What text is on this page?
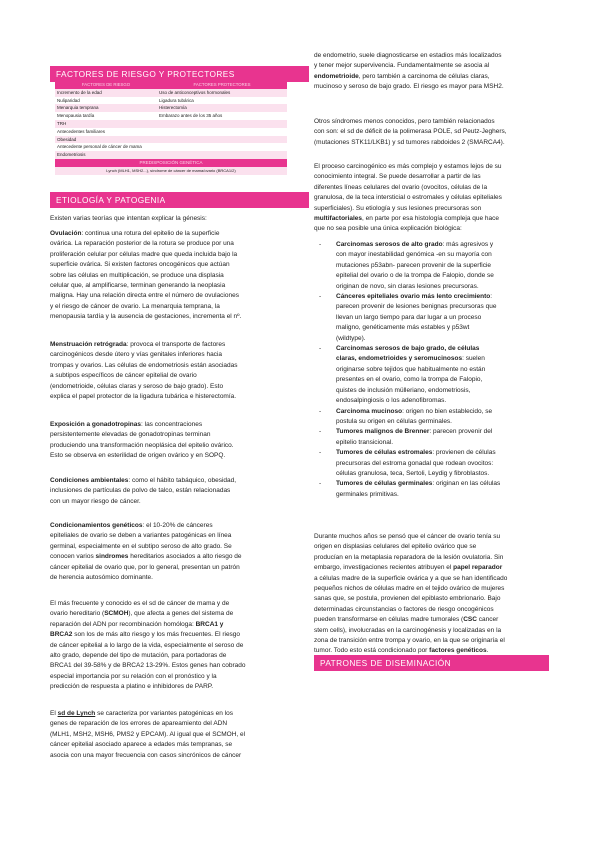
FACTORES DE RIESGO Y PROTECTORES
FACTORES DE RIESGO	FACTORES PROTECTORES
Incremento de la edad	Uso de anticonceptivos hormonales
Nuliparidad	Ligadura tubárica
Menarquia temprana	Histerectomía
Menopausia tardía	Embarazo antes de los 35 años
TRH	
Antecedentes familiares	
Obesidad	
Antecedente personal de cáncer de mama	
Endometriosis	
PREDISPOSICIÓN GENÉTICA	
Lynch (MLH1, MSH2...), síndrome de cáncer de mama/ovario (BRCA1/2)	
ETIOLOGÍA Y PATOGENIA

Existen varias teorías que intentan explicar la génesis:

Ovulación: continua una rotura del epitelio de la superficie
ovárica. La reparación posterior de la rotura se produce por una
proliferación celular por células madre que queda incluida bajo la
superficie ovárica. Si existen factores oncogénicos que actúan
sobre las células en multiplicación, se produce una displasia
celular que, al amplificarse, terminan generando la neoplasia
maligna. Hay una relación directa entre el número de ovulaciones
y el riesgo de cáncer de ovario. La menarquia temprana, la
menopausia tardía y la ausencia de gestaciones, incrementa el nº.

Menstruación retrógrada: provoca el transporte de factores
carcinogénicos desde útero y vías genitales inferiores hacia
trompas y ovarios. Las células de endometriosis están asociadas
a subtipos específicos de cáncer epitelial de ovario
(endometrioide, células claras y seroso de bajo grado). Esto
explica el papel protector de la ligadura tubárica e histerectomía.

Exposición a gonadotropinas: las concentraciones
persistentemente elevadas de gonadotropinas terminan
produciendo una transformación neoplásica del epitelio ovárico.
Esto se observa en esterilidad de origen ovárico y en SOPQ.

Condiciones ambientales: como el hábito tabáquico, obesidad,
inclusiones de partículas de polvo de talco, están relacionadas
con un mayor riesgo de cáncer.

Condicionamientos genéticos: el 10-20% de cánceres
epiteliales de ovario se deben a variantes patogénicas en línea
germinal, especialmente en el subtipo seroso de alto grado. Se
conocen varios sindromes hereditarios asociados a alto riesgo de
cáncer epitelial de ovario que, por lo general, presentan un patrón
de herencia autosómico dominante.

El más frecuente y conocido es el sd de cáncer de mama y de
ovario hereditario (SCMOH), que afecta a genes del sistema de
reparación del ADN por recombinación homóloga: BRCA1 y
BRCA2 son los de más alto riesgo y los más frecuentes. El riesgo
de cáncer epitelial a lo largo de la vida, especialmente el seroso de
alto grado, depende del tipo de mutación, para portadoras de
BRCA1 del 39-58% y de BRCA2 13-29%. Estos genes han cobrado
especial importancia por su relación con el pronóstico y la
predicción de respuesta a platino e inhibidores de PARP.

El sd de Lynch se caracteriza por variantes patogénicas en los
genes de reparación de los errores de apareamiento del ADN
(MLH1, MSH2, MSH6, PMS2 y EPCAM). Al igual que el SCMOH, el
cáncer epitelial asociado aparece a edades más tempranas, se
asocia con una mayor frecuencia con casos sincrónicos de cáncer

de endometrio, suele diagnosticarse en estadios más localizados
y tener mejor supervivencia. Fundamentalmente se asocia al
endometrioide, pero también a carcinoma de células claras,
mucinoso y seroso de bajo grado. El riesgo es mayor para MSH2.

Otros síndromes menos conocidos, pero también relacionados
con son: el sd de déficit de la polimerasa POLE, sd Peutz-Jeghers,
(mutaciones STK11/LKB1) y sd tumores rabdoides 2 (SMARCA4).

El proceso carcinogénico es más complejo y estamos lejos de su
conocimiento integral. Se puede desarrollar a partir de las
diferentes líneas celulares del ovario (ovocitos, células de la
granulosa, de la teca intersticial o estromales y células epiteliales
superficiales). Su etiología y sus lesiones precursoras son
multifactoriales, en parte por esa histología compleja que hace
que no sea posible una única explicación biológica:

- Carcinomas serosos de alto grado: más agresivos y
con mayor inestabilidad genómica -en su mayoría con
mutaciones p53abn- parecen provenir de la superficie
epitelial del ovario o de la trompa de Falopio, donde se
originan de novo, sin claras lesiones precursoras.
- Cánceres epiteliales ovario más lento crecimiento:
parecen provenir de lesiones benignas precursoras que
llevan un largo tiempo para dar lugar a un proceso
maligno, genéticamente más estables y p53wt
(wildtype).
- Carcinomas serosos de bajo grado, de células
claras, endometrioides y seromucinosos: suelen
originarse sobre tejidos que habitualmente no están
presentes en el ovario, como la trompa de Falopio,
quistes de inclusión mülleriano, endometriosis,
endosalpingiosis o los adenofibromas.
- Carcinoma mucinoso: origen no bien establecido, se
postula su origen en células germinales.
- Tumores malignos de Brenner: parecen provenir del
epitelio transicional.
- Tumores de células estromales: provienen de células
precursoras del estroma gonadal que rodean ovocitos:
células granulosa, teca, Sertoli, Leydig y fibroblastos.
- Tumores de células germinales: originan en las células
germinales primitivas.

Durante muchos años se pensó que el cáncer de ovario tenía su
origen en displasias celulares del epitelio ovárico que se
producían en la metaplasia reparadora de la lesión ovulatoria. Sin
embargo, investigaciones recientes atribuyen el papel reparador
a células madre de la superficie ovárica y a que se han identificado
pequeños nichos de células madre en el tejido ovárico de mujeres
sanas que, se postula, provienen del epiblasto embrionario. Bajo
determinadas circunstancias o factores de riesgo oncogénicos
pueden transformarse en células madre tumorales (CSC cancer
stem cells), involucradas en la carcinogénesis y localizadas en la
zona de transición entre trompa y ovario, en la que se originaría el
tumor. Todo esto está condicionado por factores genéticos.

PATRONES DE DISEMINACIÓN
